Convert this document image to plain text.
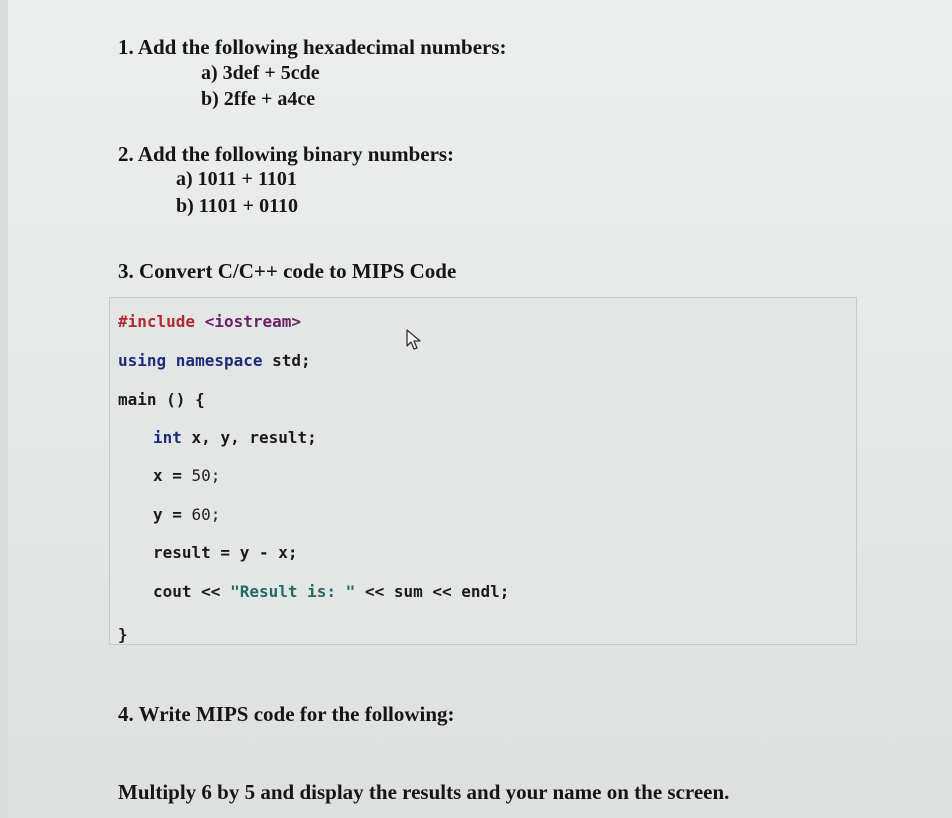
1. Add the following hexadecimal numbers:
a) 3def + 5cde
b) 2ffe + a4ce
2. Add the following binary numbers:
a) 1011 + 1101
b) 1101 + 0110
3. Convert C/C++ code to MIPS Code
#include <iostream>
using namespace std;
main () {
int x, y, result;
x = 50;
y = 60;
result = y - x;
cout << "Result is: " << sum << endl;
}
4. Write MIPS code for the following:
Multiply 6 by 5 and display the results and your name on the screen.
